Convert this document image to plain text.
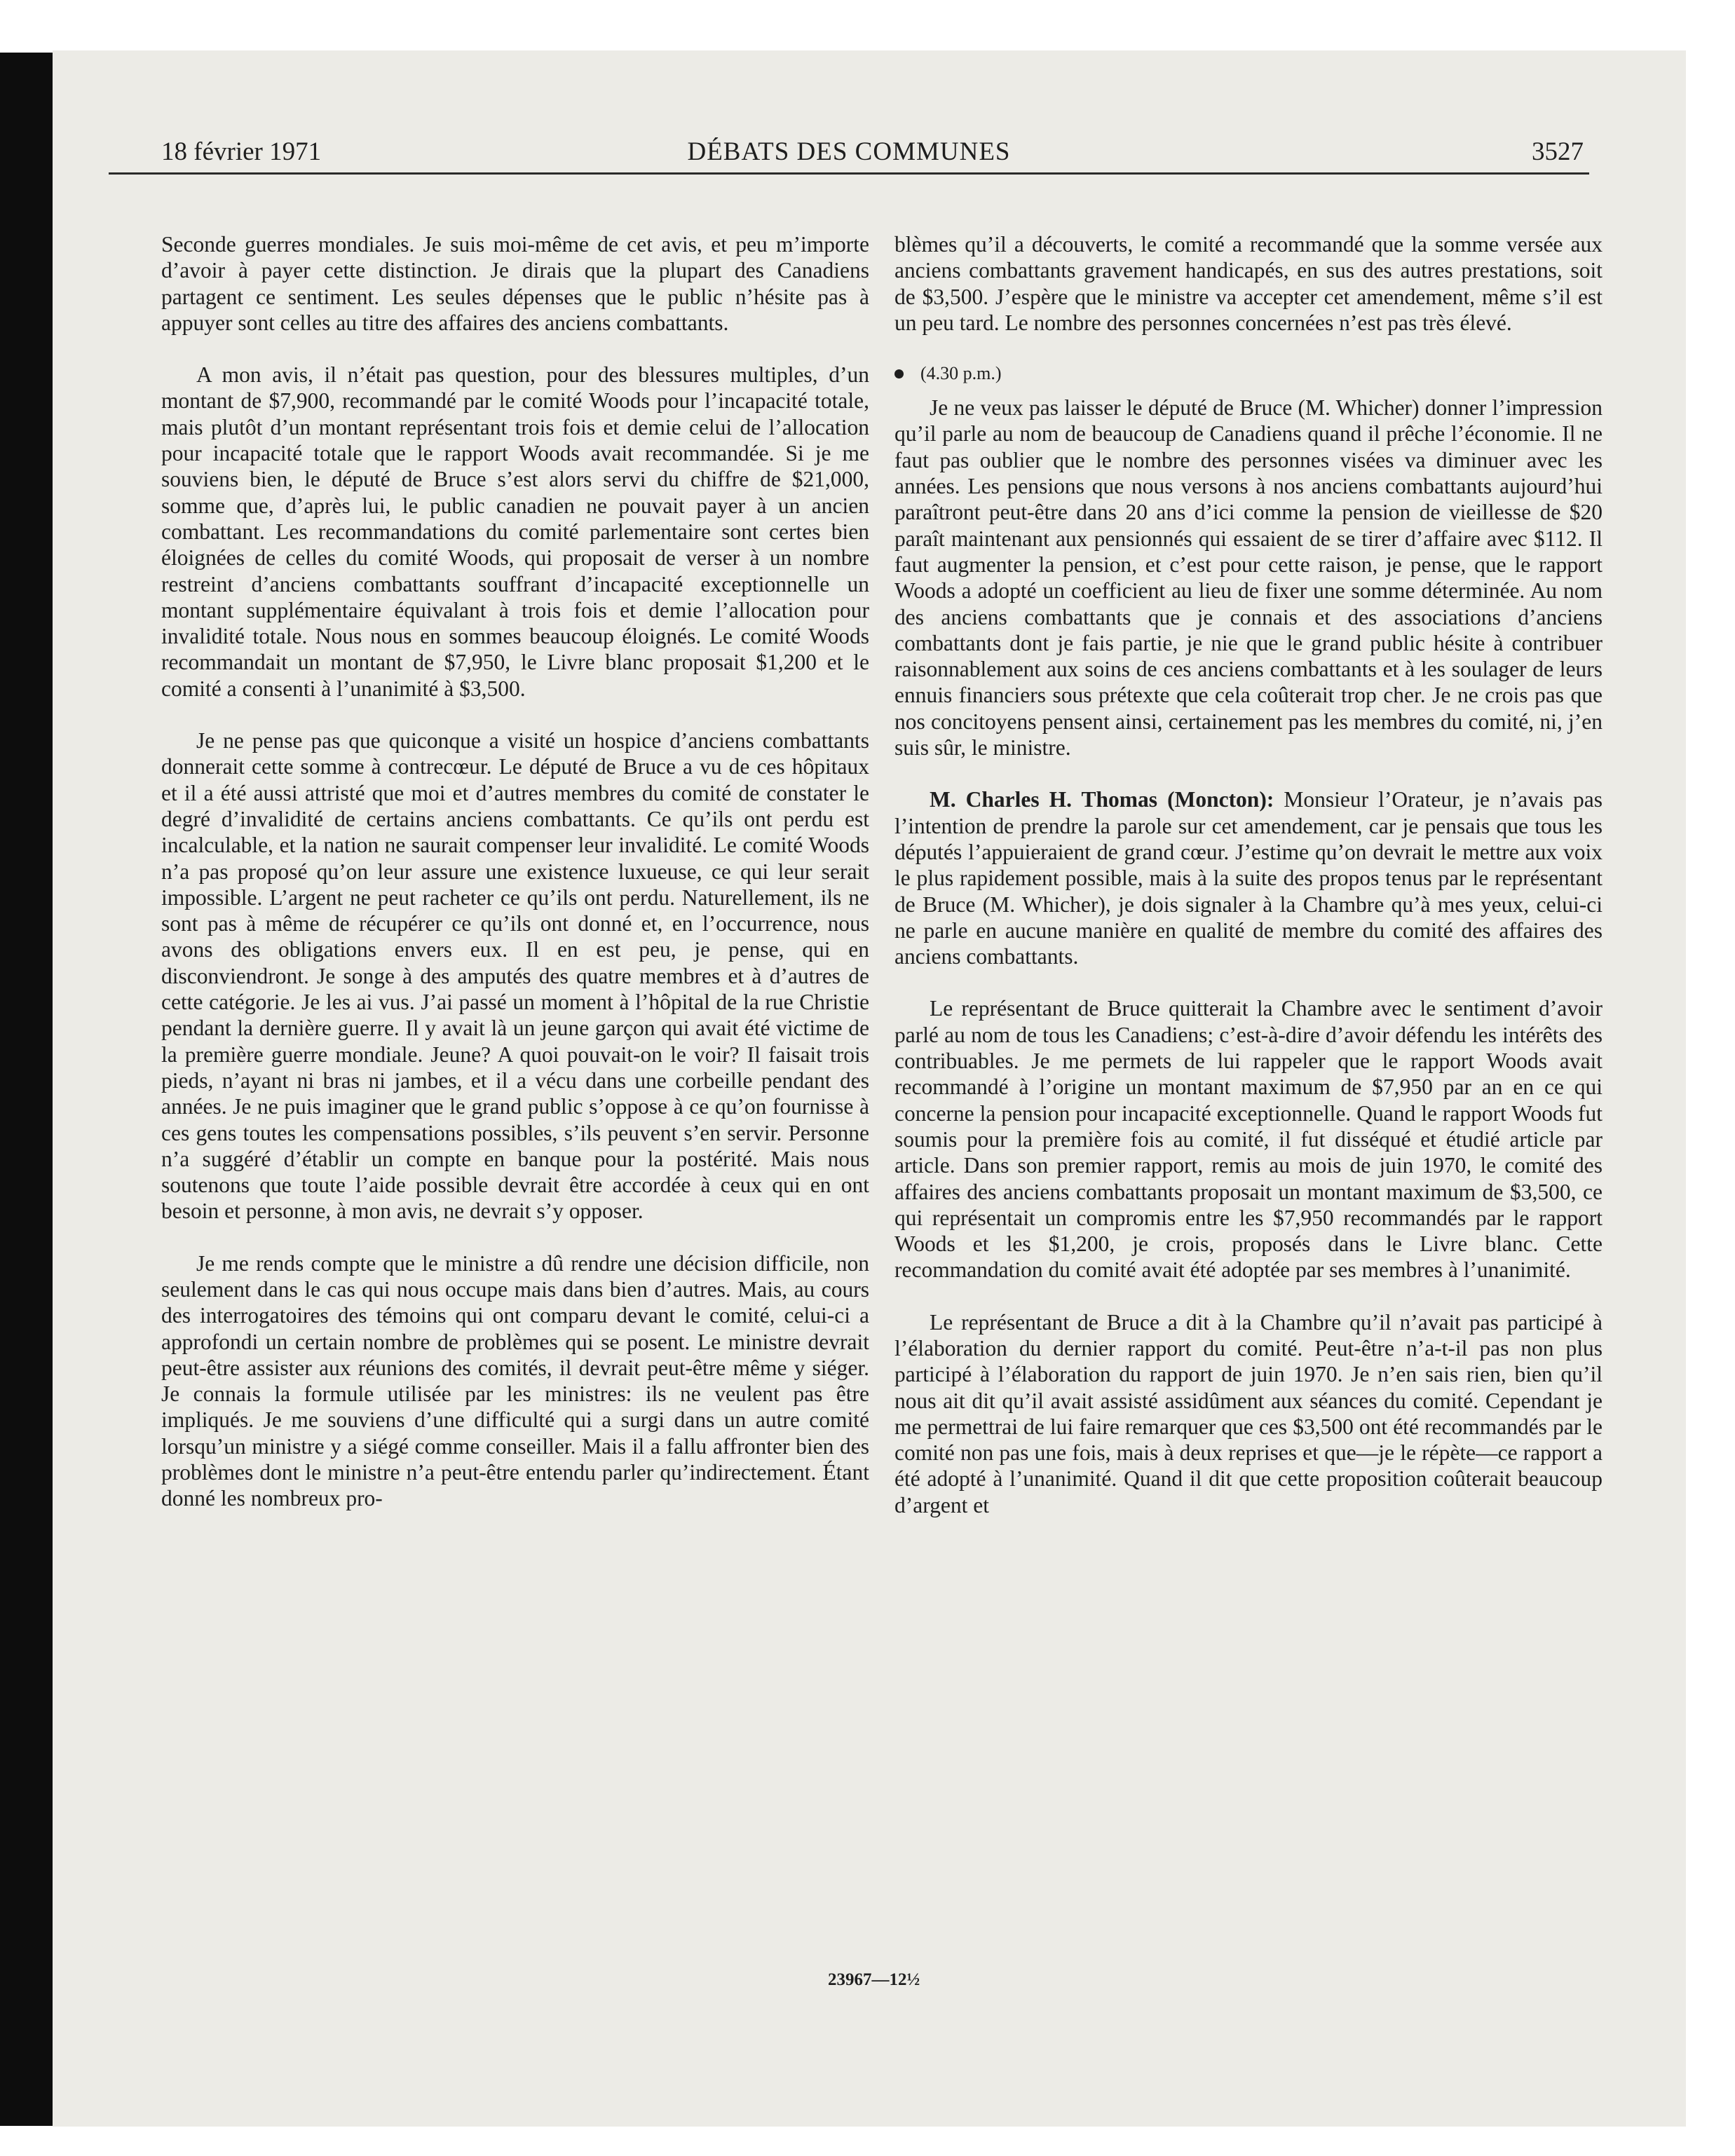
18 février 1971	DÉBATS DES COMMUNES	3527

Seconde guerres mondiales. Je suis moi-même de cet avis, et peu m’importe d’avoir à payer cette distinction. Je dirais que la plupart des Canadiens partagent ce sentiment. Les seules dépenses que le public n’hésite pas à appuyer sont celles au titre des affaires des anciens combattants.

A mon avis, il n’était pas question, pour des blessures multiples, d’un montant de $7,900, recommandé par le comité Woods pour l’incapacité totale, mais plutôt d’un montant représentant trois fois et demie celui de l’allocation pour incapacité totale que le rapport Woods avait recommandée. Si je me souviens bien, le député de Bruce s’est alors servi du chiffre de $21,000, somme que, d’après lui, le public canadien ne pouvait payer à un ancien combattant. Les recommandations du comité parlementaire sont certes bien éloignées de celles du comité Woods, qui proposait de verser à un nombre restreint d’anciens combattants souffrant d’incapacité exceptionnelle un montant supplémentaire équivalant à trois fois et demie l’allocation pour invalidité totale. Nous nous en sommes beaucoup éloignés. Le comité Woods recommandait un montant de $7,950, le Livre blanc proposait $1,200 et le comité a consenti à l’unanimité à $3,500.

Je ne pense pas que quiconque a visité un hospice d’anciens combattants donnerait cette somme à contrecœur. Le député de Bruce a vu de ces hôpitaux et il a été aussi attristé que moi et d’autres membres du comité de constater le degré d’invalidité de certains anciens combattants. Ce qu’ils ont perdu est incalculable, et la nation ne saurait compenser leur invalidité. Le comité Woods n’a pas proposé qu’on leur assure une existence luxueuse, ce qui leur serait impossible. L’argent ne peut racheter ce qu’ils ont perdu. Naturellement, ils ne sont pas à même de récupérer ce qu’ils ont donné et, en l’occurrence, nous avons des obligations envers eux. Il en est peu, je pense, qui en disconviendront. Je songe à des amputés des quatre membres et à d’autres de cette catégorie. Je les ai vus. J’ai passé un moment à l’hôpital de la rue Christie pendant la dernière guerre. Il y avait là un jeune garçon qui avait été victime de la première guerre mondiale. Jeune? A quoi pouvait-on le voir? Il faisait trois pieds, n’ayant ni bras ni jambes, et il a vécu dans une corbeille pendant des années. Je ne puis imaginer que le grand public s’oppose à ce qu’on fournisse à ces gens toutes les compensations possibles, s’ils peuvent s’en servir. Personne n’a suggéré d’établir un compte en banque pour la postérité. Mais nous soutenons que toute l’aide possible devrait être accordée à ceux qui en ont besoin et personne, à mon avis, ne devrait s’y opposer.

Je me rends compte que le ministre a dû rendre une décision difficile, non seulement dans le cas qui nous occupe mais dans bien d’autres. Mais, au cours des interrogatoires des témoins qui ont comparu devant le comité, celui-ci a approfondi un certain nombre de problèmes qui se posent. Le ministre devrait peut-être assister aux réunions des comités, il devrait peut-être même y siéger. Je connais la formule utilisée par les ministres: ils ne veulent pas être impliqués. Je me souviens d’une difficulté qui a surgi dans un autre comité lorsqu’un ministre y a siégé comme conseiller. Mais il a fallu affronter bien des problèmes dont le ministre n’a peut-être entendu parler qu’indirectement. Étant donné les nombreux pro-

blèmes qu’il a découverts, le comité a recommandé que la somme versée aux anciens combattants gravement handicapés, en sus des autres prestations, soit de $3,500. J’espère que le ministre va accepter cet amendement, même s’il est un peu tard. Le nombre des personnes concernées n’est pas très élevé.

(4.30 p.m.)

Je ne veux pas laisser le député de Bruce (M. Whicher) donner l’impression qu’il parle au nom de beaucoup de Canadiens quand il prêche l’économie. Il ne faut pas oublier que le nombre des personnes visées va diminuer avec les années. Les pensions que nous versons à nos anciens combattants aujourd’hui paraîtront peut-être dans 20 ans d’ici comme la pension de vieillesse de $20 paraît maintenant aux pensionnés qui essaient de se tirer d’affaire avec $112. Il faut augmenter la pension, et c’est pour cette raison, je pense, que le rapport Woods a adopté un coefficient au lieu de fixer une somme déterminée. Au nom des anciens combattants que je connais et des associations d’anciens combattants dont je fais partie, je nie que le grand public hésite à contribuer raisonnablement aux soins de ces anciens combattants et à les soulager de leurs ennuis financiers sous prétexte que cela coûterait trop cher. Je ne crois pas que nos concitoyens pensent ainsi, certainement pas les membres du comité, ni, j’en suis sûr, le ministre.

M. Charles H. Thomas (Moncton): Monsieur l’Orateur, je n’avais pas l’intention de prendre la parole sur cet amendement, car je pensais que tous les députés l’appuieraient de grand cœur. J’estime qu’on devrait le mettre aux voix le plus rapidement possible, mais à la suite des propos tenus par le représentant de Bruce (M. Whicher), je dois signaler à la Chambre qu’à mes yeux, celui-ci ne parle en aucune manière en qualité de membre du comité des affaires des anciens combattants.

Le représentant de Bruce quitterait la Chambre avec le sentiment d’avoir parlé au nom de tous les Canadiens; c’est-à-dire d’avoir défendu les intérêts des contribuables. Je me permets de lui rappeler que le rapport Woods avait recommandé à l’origine un montant maximum de $7,950 par an en ce qui concerne la pension pour incapacité exceptionnelle. Quand le rapport Woods fut soumis pour la première fois au comité, il fut disséqué et étudié article par article. Dans son premier rapport, remis au mois de juin 1970, le comité des affaires des anciens combattants proposait un montant maximum de $3,500, ce qui représentait un compromis entre les $7,950 recommandés par le rapport Woods et les $1,200, je crois, proposés dans le Livre blanc. Cette recommandation du comité avait été adoptée par ses membres à l’unanimité.

Le représentant de Bruce a dit à la Chambre qu’il n’avait pas participé à l’élaboration du dernier rapport du comité. Peut-être n’a-t-il pas non plus participé à l’élaboration du rapport de juin 1970. Je n’en sais rien, bien qu’il nous ait dit qu’il avait assisté assidûment aux séances du comité. Cependant je me permettrai de lui faire remarquer que ces $3,500 ont été recommandés par le comité non pas une fois, mais à deux reprises et que—je le répète—ce rapport a été adopté à l’unanimité. Quand il dit que cette proposition coûterait beaucoup d’argent et

23967—12½
